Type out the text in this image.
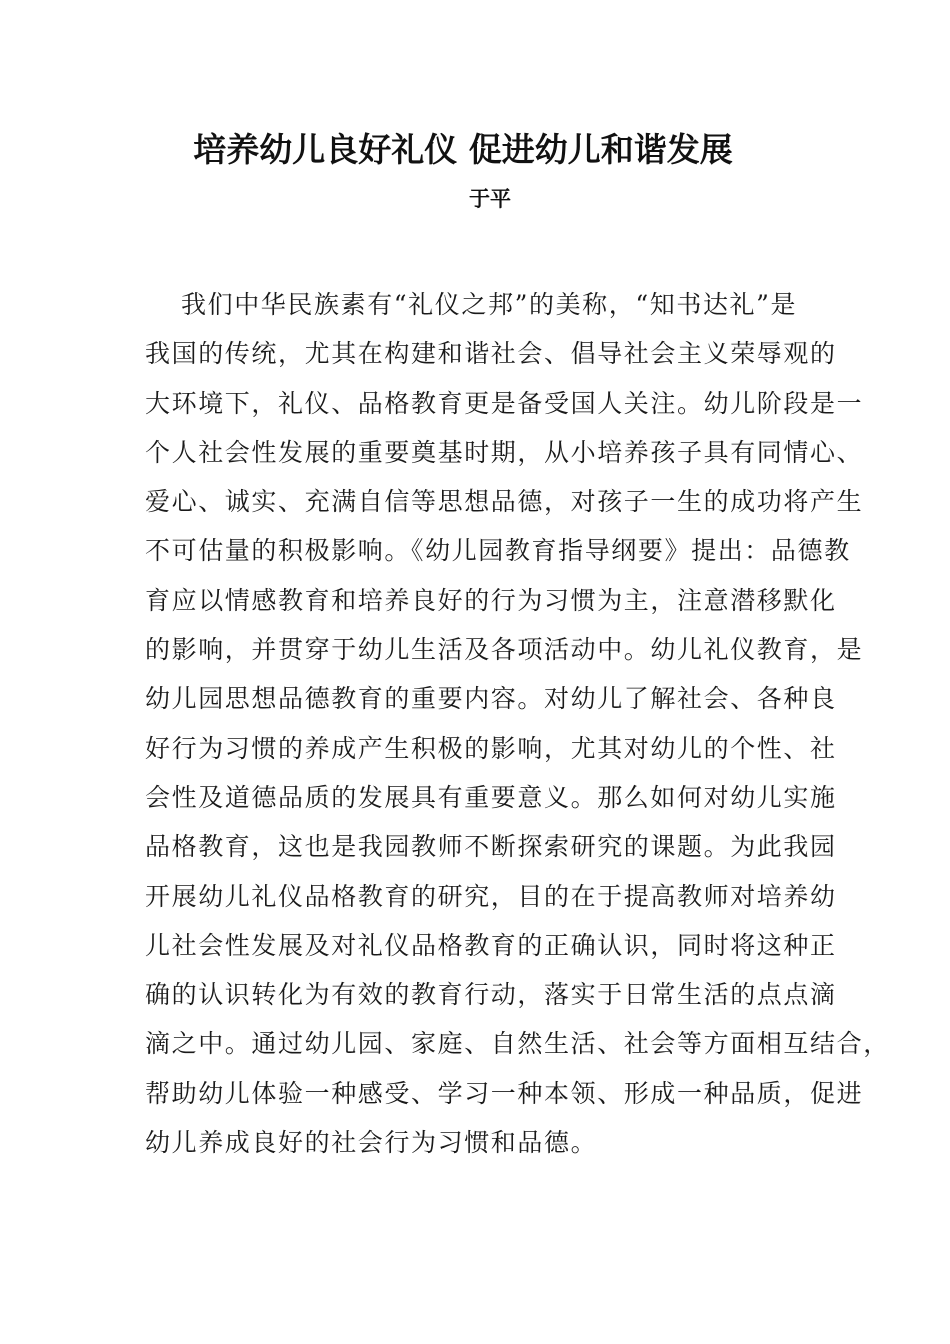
培养幼儿良好礼仪 促进幼儿和谐发展
于平
我们中华民族素有“礼仪之邦”的美称，“知书达礼”是
我国的传统，尤其在构建和谐社会、倡导社会主义荣辱观的
大环境下，礼仪、品格教育更是备受国人关注。幼儿阶段是一
个人社会性发展的重要奠基时期，从小培养孩子具有同情心、
爱心、诚实、充满自信等思想品德，对孩子一生的成功将产生
不可估量的积极影响。《幼儿园教育指导纲要》提出：品德教
育应以情感教育和培养良好的行为习惯为主，注意潜移默化
的影响，并贯穿于幼儿生活及各项活动中。幼儿礼仪教育，是
幼儿园思想品德教育的重要内容。对幼儿了解社会、各种良
好行为习惯的养成产生积极的影响，尤其对幼儿的个性、社
会性及道德品质的发展具有重要意义。那么如何对幼儿实施
品格教育，这也是我园教师不断探索研究的课题。为此我园
开展幼儿礼仪品格教育的研究，目的在于提高教师对培养幼
儿社会性发展及对礼仪品格教育的正确认识，同时将这种正
确的认识转化为有效的教育行动，落实于日常生活的点点滴
滴之中。通过幼儿园、家庭、自然生活、社会等方面相互结合，
帮助幼儿体验一种感受、学习一种本领、形成一种品质，促进
幼儿养成良好的社会行为习惯和品德。
